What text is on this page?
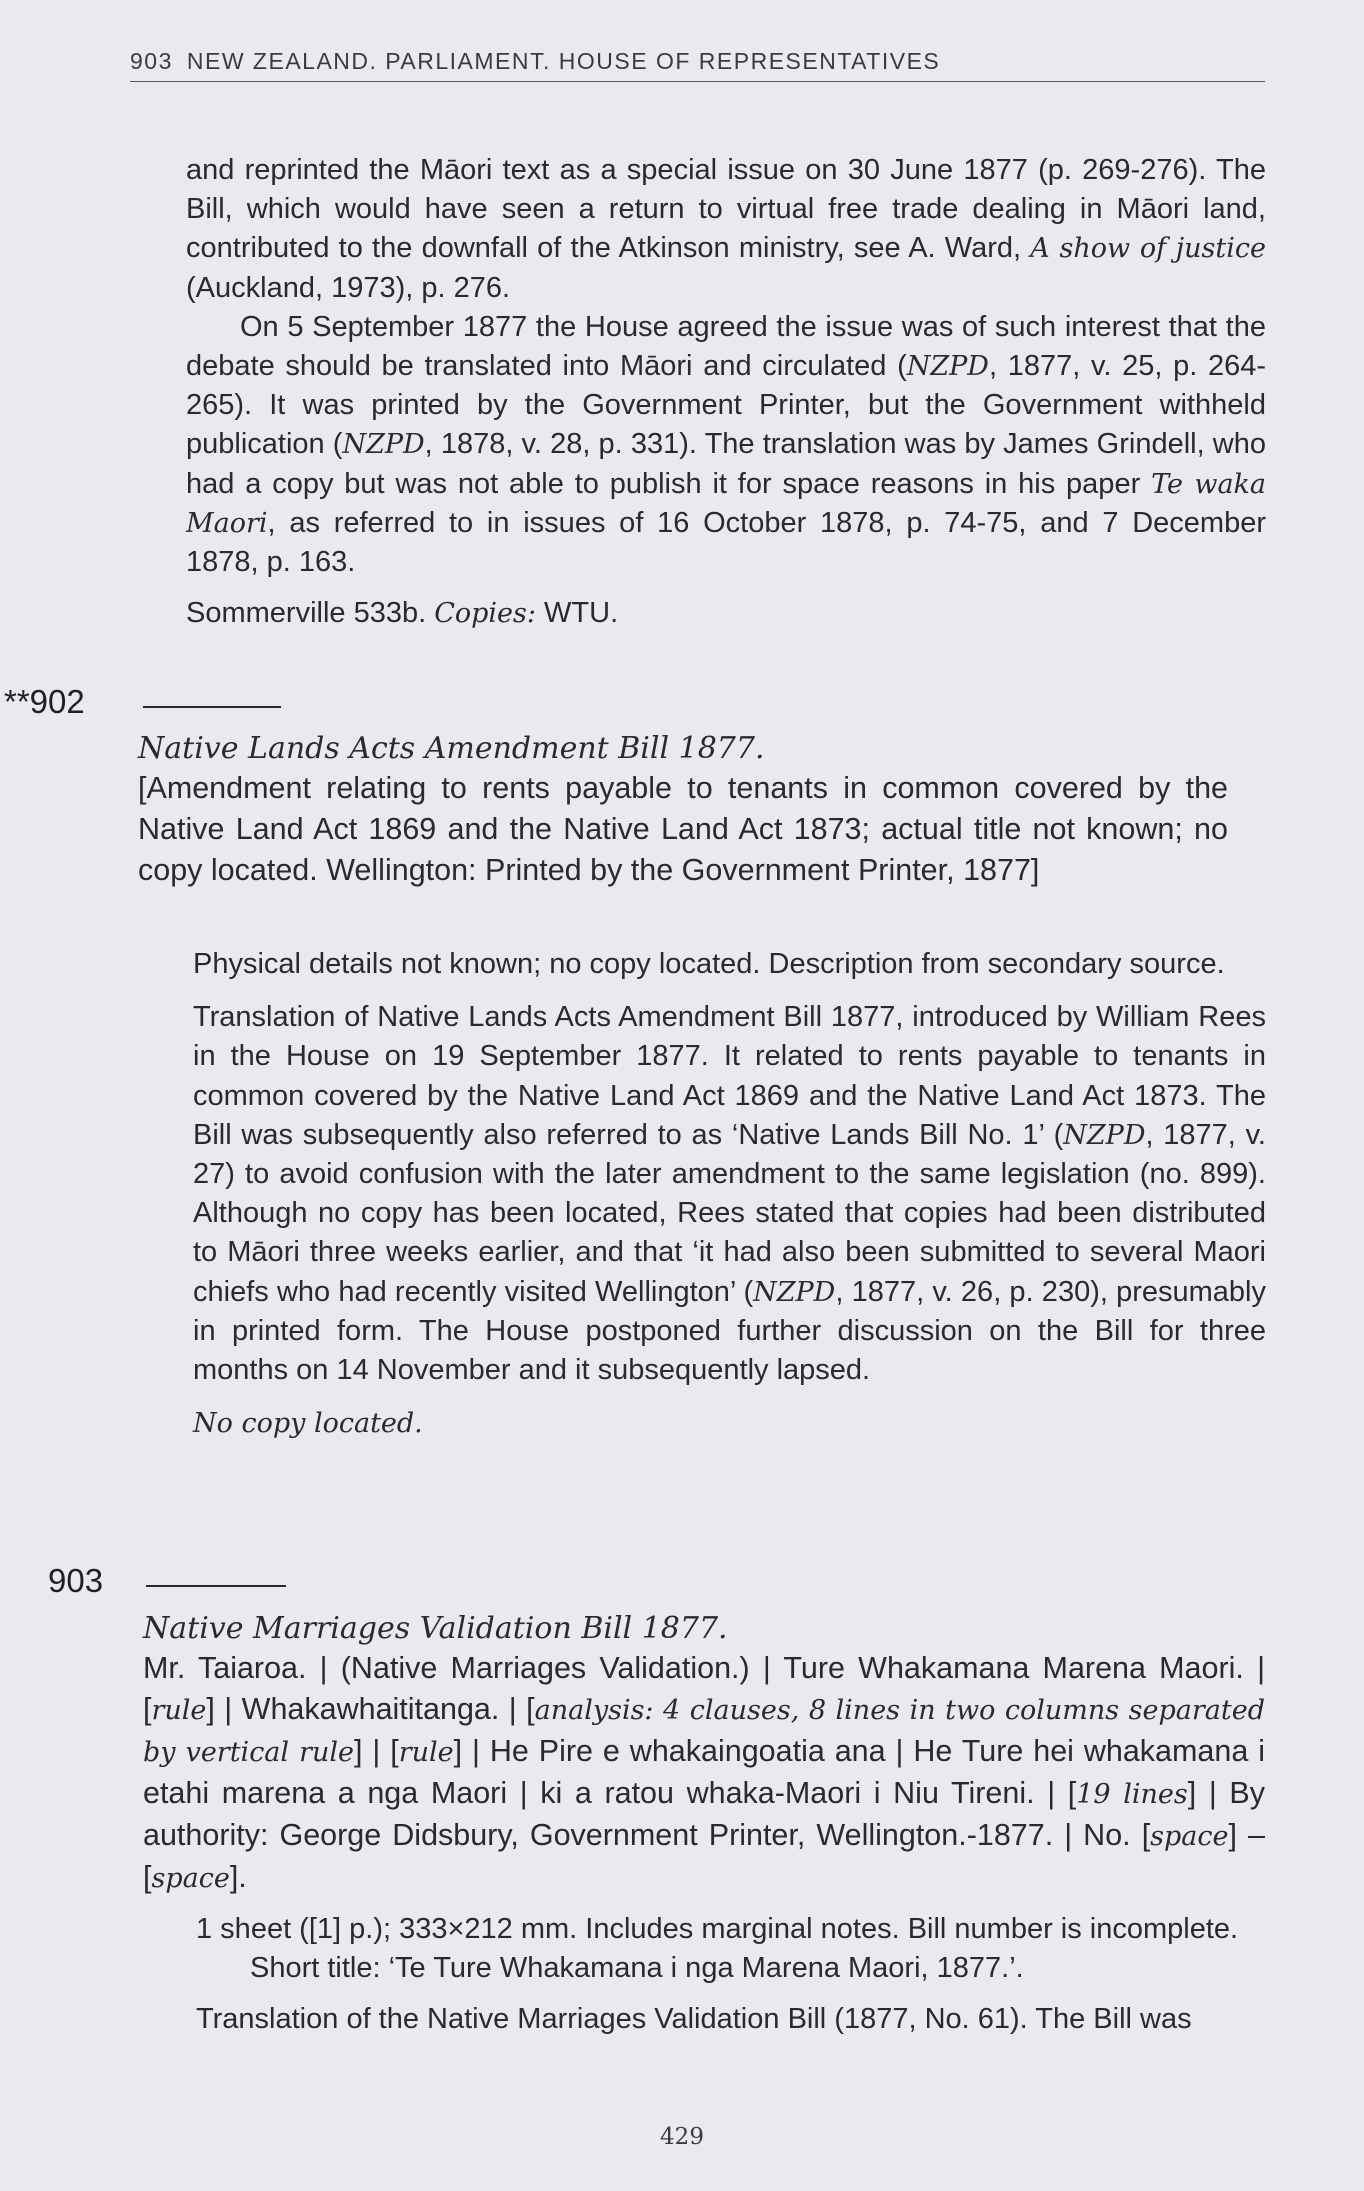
903 NEW ZEALAND. PARLIAMENT. HOUSE OF REPRESENTATIVES

and reprinted the Māori text as a special issue on 30 June 1877 (p. 269-276). The Bill, which would have seen a return to virtual free trade dealing in Māori land, contributed to the downfall of the Atkinson ministry, see A. Ward, A show of justice (Auckland, 1973), p. 276.

On 5 September 1877 the House agreed the issue was of such interest that the debate should be translated into Māori and circulated (NZPD, 1877, v. 25, p. 264-265). It was printed by the Government Printer, but the Government withheld publication (NZPD, 1878, v. 28, p. 331). The translation was by James Grindell, who had a copy but was not able to publish it for space reasons in his paper Te waka Maori, as referred to in issues of 16 October 1878, p. 74-75, and 7 December 1878, p. 163.

Sommerville 533b. Copies: WTU.

**902

Native Lands Acts Amendment Bill 1877.

[Amendment relating to rents payable to tenants in common covered by the Native Land Act 1869 and the Native Land Act 1873; actual title not known; no copy located. Wellington: Printed by the Government Printer, 1877]

Physical details not known; no copy located. Description from secondary source.

Translation of Native Lands Acts Amendment Bill 1877, introduced by William Rees in the House on 19 September 1877. It related to rents payable to tenants in common covered by the Native Land Act 1869 and the Native Land Act 1873. The Bill was subsequently also referred to as ‘Native Lands Bill No. 1’ (NZPD, 1877, v. 27) to avoid confusion with the later amendment to the same legislation (no. 899). Although no copy has been located, Rees stated that copies had been distributed to Māori three weeks earlier, and that ‘it had also been submitted to several Maori chiefs who had recently visited Wellington’ (NZPD, 1877, v. 26, p. 230), presumably in printed form. The House postponed further discussion on the Bill for three months on 14 November and it subsequently lapsed.

No copy located.

903

Native Marriages Validation Bill 1877.

Mr. Taiaroa. | (Native Marriages Validation.) | Ture Whakamana Marena Maori. | [rule] | Whakawhaititanga. | [analysis: 4 clauses, 8 lines in two columns separated by vertical rule] | [rule] | He Pire e whakaingoatia ana | He Ture hei whakamana i etahi marena a nga Maori | ki a ratou whaka-Maori i Niu Tireni. | [19 lines] | By authority: George Didsbury, Government Printer, Wellington.-1877. | No. [space] – [space].

1 sheet ([1] p.); 333×212 mm. Includes marginal notes. Bill number is incomplete.

Short title: ‘Te Ture Whakamana i nga Marena Maori, 1877.’.

Translation of the Native Marriages Validation Bill (1877, No. 61). The Bill was

429
